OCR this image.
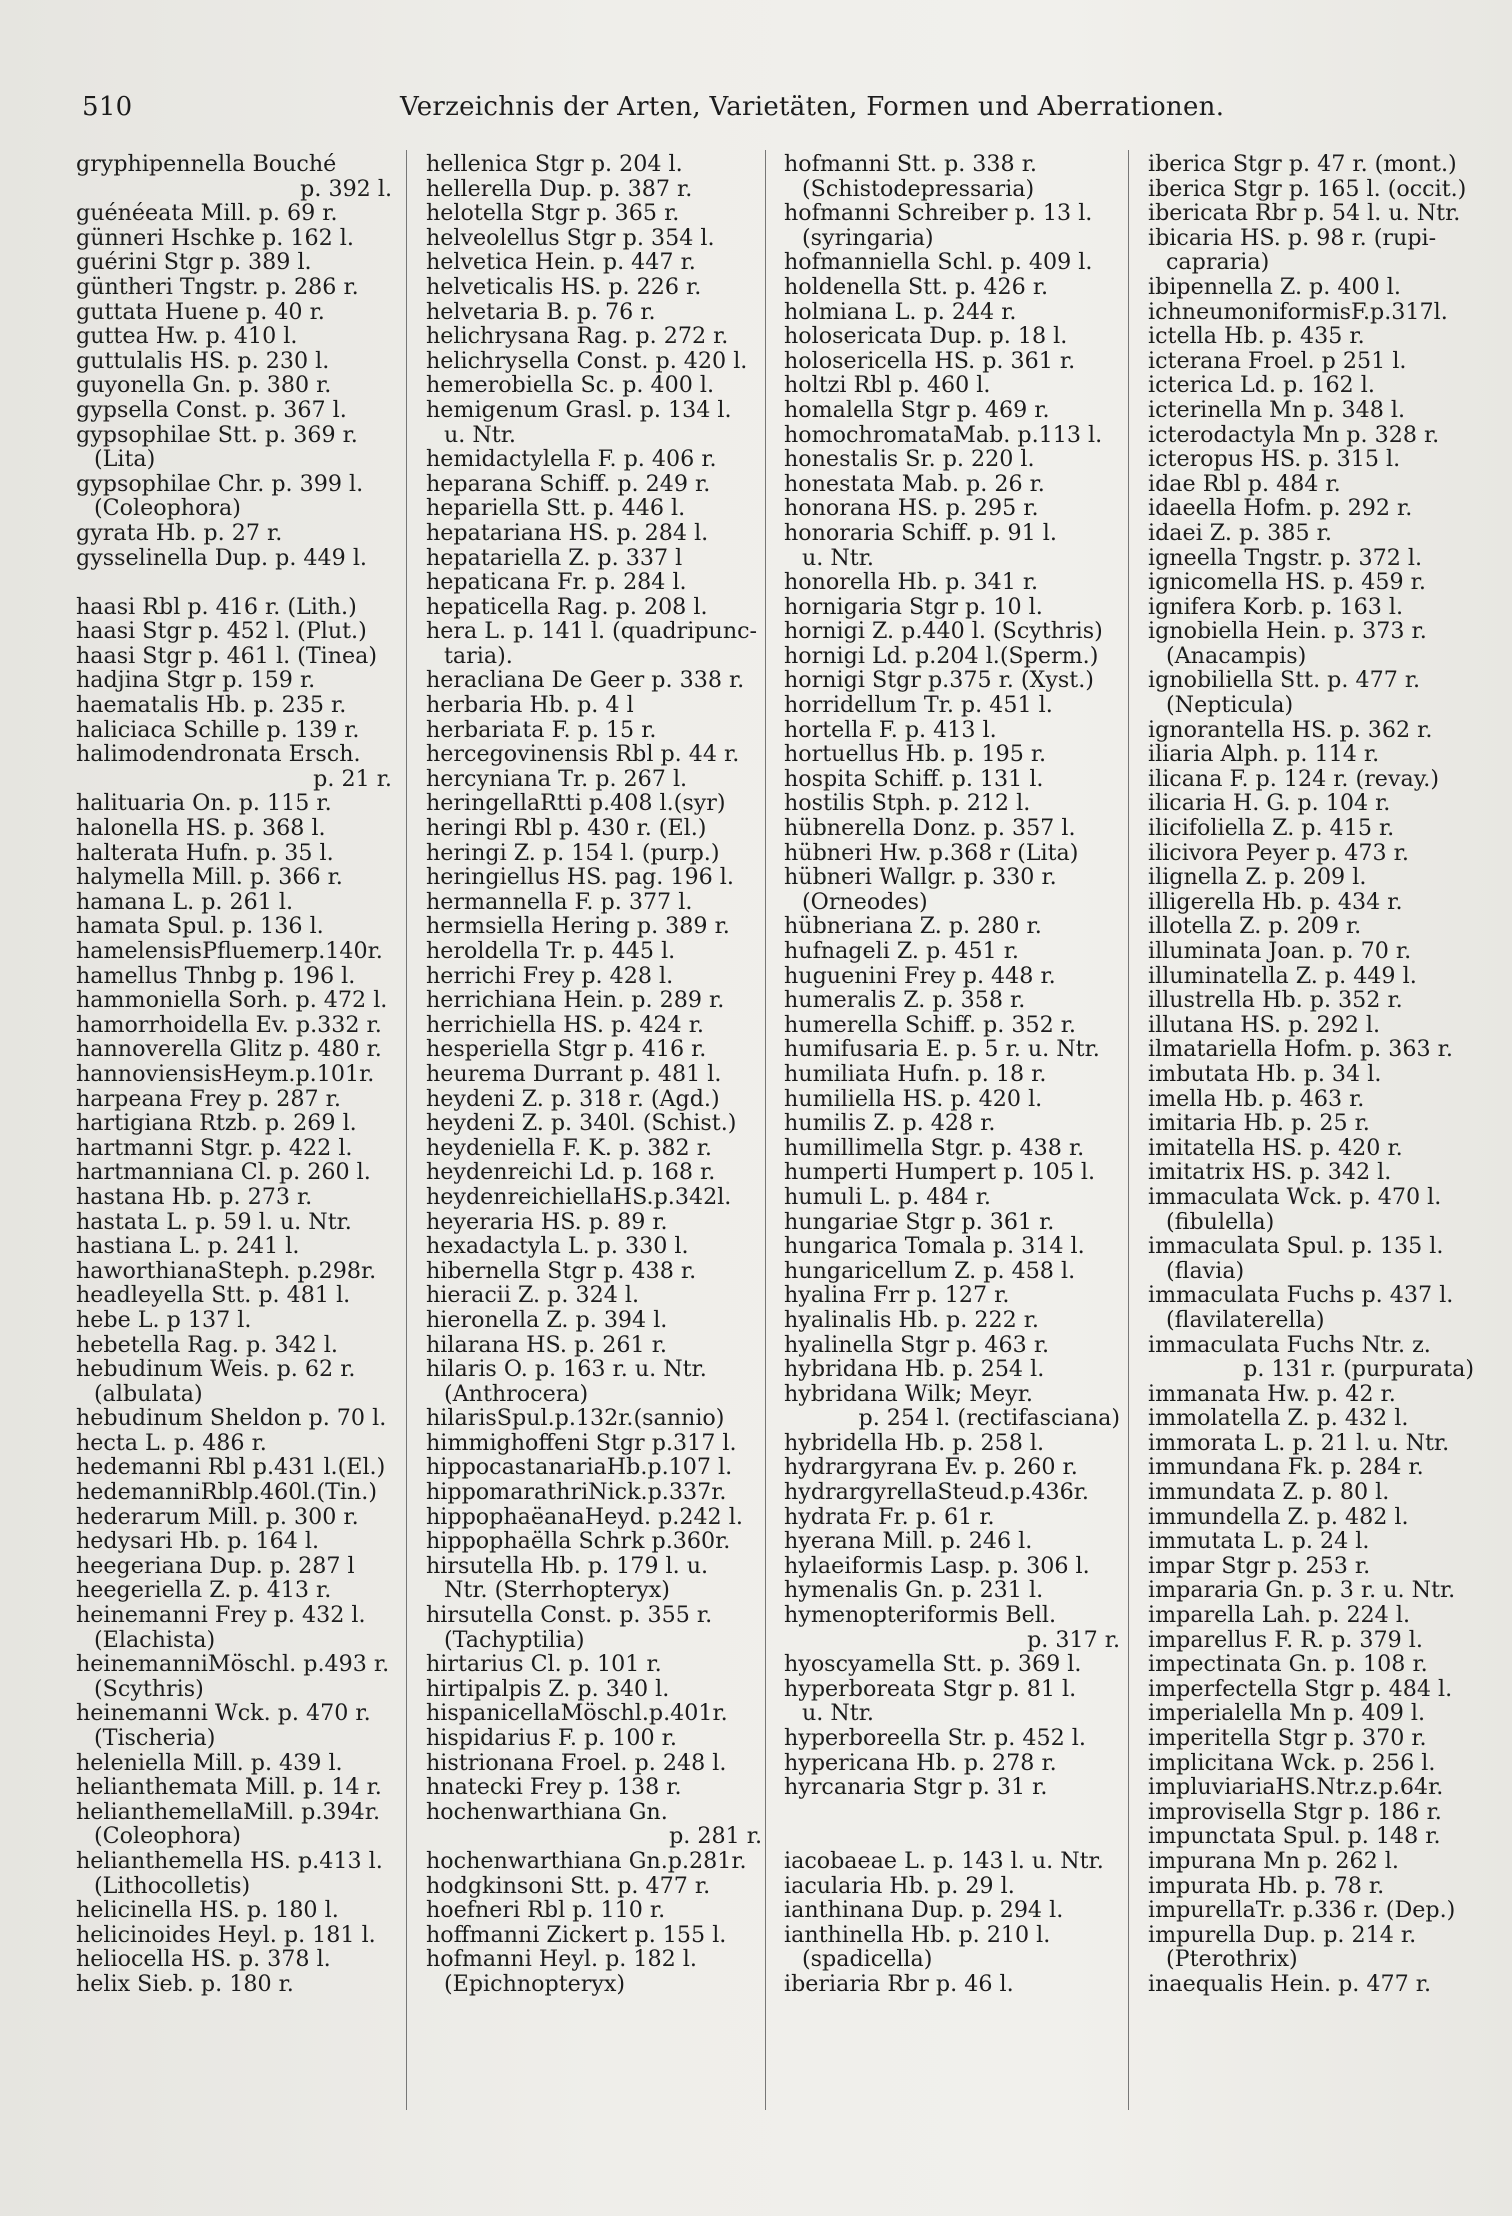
510	Verzeichnis der Arten, Varietäten, Formen und Aberrationen.
gryphipennella Bouché
p. 392 l.
guénéeata Mill. p. 69 r.
günneri Hschke p. 162 l.
guérini Stgr p. 389 l.
güntheri Tngstr. p. 286 r.
guttata Huene p. 40 r.
guttea Hw. p. 410 l.
guttulalis HS. p. 230 l.
guyonella Gn. p. 380 r.
gypsella Const. p. 367 l.
gypsophilae Stt. p. 369 r.
(Lita)
gypsophilae Chr. p. 399 l.
(Coleophora)
gyrata Hb. p. 27 r.
gysselinella Dup. p. 449 l.
haasi Rbl p. 416 r. (Lith.)
haasi Stgr p. 452 l. (Plut.)
haasi Stgr p. 461 l. (Tinea)
hadjina Stgr p. 159 r.
haematalis Hb. p. 235 r.
haliciaca Schille p. 139 r.
halimodendronata Ersch.
p. 21 r.
halituaria On. p. 115 r.
halonella HS. p. 368 l.
halterata Hufn. p. 35 l.
halymella Mill. p. 366 r.
hamana L. p. 261 l.
hamata Spul. p. 136 l.
hamelensisPfluemerp.140r.
hamellus Thnbg p. 196 l.
hammoniella Sorh. p. 472 l.
hamorrhoidella Ev. p.332 r.
hannoverella Glitz p. 480 r.
hannoviensisHeym.p.101r.
harpeana Frey p. 287 r.
hartigiana Rtzb. p. 269 l.
hartmanni Stgr. p. 422 l.
hartmanniana Cl. p. 260 l.
hastana Hb. p. 273 r.
hastata L. p. 59 l. u. Ntr.
hastiana L. p. 241 l.
haworthianaSteph. p.298r.
headleyella Stt. p. 481 l.
hebe L. p 137 l.
hebetella Rag. p. 342 l.
hebudinum Weis. p. 62 r.
(albulata)
hebudinum Sheldon p. 70 l.
hecta L. p. 486 r.
hedemanni Rbl p.431 l.(El.)
hedemanniRblp.460l.(Tin.)
hederarum Mill. p. 300 r.
hedysari Hb. p. 164 l.
heegeriana Dup. p. 287 l
heegeriella Z. p. 413 r.
heinemanni Frey p. 432 l.
(Elachista)
heinemanniMöschl. p.493 r.
(Scythris)
heinemanni Wck. p. 470 r.
(Tischeria)
heleniella Mill. p. 439 l.
helianthemata Mill. p. 14 r.
helianthemellaMill. p.394r.
(Coleophora)
helianthemella HS. p.413 l.
(Lithocolletis)
helicinella HS. p. 180 l.
helicinoides Heyl. p. 181 l.
heliocella HS. p. 378 l.
helix Sieb. p. 180 r.
hellenica Stgr p. 204 l.
hellerella Dup. p. 387 r.
helotella Stgr p. 365 r.
helveolellus Stgr p. 354 l.
helvetica Hein. p. 447 r.
helveticalis HS. p. 226 r.
helvetaria B. p. 76 r.
helichrysana Rag. p. 272 r.
helichrysella Const. p. 420 l.
hemerobiella Sc. p. 400 l.
hemigenum Grasl. p. 134 l.
u. Ntr.
hemidactylella F. p. 406 r.
heparana Schiff. p. 249 r.
hepariella Stt. p. 446 l.
hepatariana HS. p. 284 l.
hepatariella Z. p. 337 l
hepaticana Fr. p. 284 l.
hepaticella Rag. p. 208 l.
hera L. p. 141 l. (quadripunc-
taria).
heracliana De Geer p. 338 r.
herbaria Hb. p. 4 l
herbariata F. p. 15 r.
hercegovinensis Rbl p. 44 r.
hercyniana Tr. p. 267 l.
heringellaRtti p.408 l.(syr)
heringi Rbl p. 430 r. (El.)
heringi Z. p. 154 l. (purp.)
heringiellus HS. pag. 196 l.
hermannella F. p. 377 l.
hermsiella Hering p. 389 r.
heroldella Tr. p. 445 l.
herrichi Frey p. 428 l.
herrichiana Hein. p. 289 r.
herrichiella HS. p. 424 r.
hesperiella Stgr p. 416 r.
heurema Durrant p. 481 l.
heydeni Z. p. 318 r. (Agd.)
heydeni Z. p. 340l. (Schist.)
heydeniella F. K. p. 382 r.
heydenreichi Ld. p. 168 r.
heydenreichiellaHS.p.342l.
heyeraria HS. p. 89 r.
hexadactyla L. p. 330 l.
hibernella Stgr p. 438 r.
hieracii Z. p. 324 l.
hieronella Z. p. 394 l.
hilarana HS. p. 261 r.
hilaris O. p. 163 r. u. Ntr.
(Anthrocera)
hilarisSpul.p.132r.(sannio)
himmighoffeni Stgr p.317 l.
hippocastanariaHb.p.107 l.
hippomarathriNick.p.337r.
hippophaëanaHeyd. p.242 l.
hippophaëlla Schrk p.360r.
hirsutella Hb. p. 179 l. u.
Ntr. (Sterrhopteryx)
hirsutella Const. p. 355 r.
(Tachyptilia)
hirtarius Cl. p. 101 r.
hirtipalpis Z. p. 340 l.
hispanicellaMöschl.p.401r.
hispidarius F. p. 100 r.
histrionana Froel. p. 248 l.
hnatecki Frey p. 138 r.
hochenwarthiana Gn.
p. 281 r.
hochenwarthiana Gn.p.281r.
hodgkinsoni Stt. p. 477 r.
hoefneri Rbl p. 110 r.
hoffmanni Zickert p. 155 l.
hofmanni Heyl. p. 182 l.
(Epichnopteryx)
hofmanni Stt. p. 338 r.
(Schistodepressaria)
hofmanni Schreiber p. 13 l.
(syringaria)
hofmanniella Schl. p. 409 l.
holdenella Stt. p. 426 r.
holmiana L. p. 244 r.
holosericata Dup. p. 18 l.
holosericella HS. p. 361 r.
holtzi Rbl p. 460 l.
homalella Stgr p. 469 r.
homochromataMab. p.113 l.
honestalis Sr. p. 220 l.
honestata Mab. p. 26 r.
honorana HS. p. 295 r.
honoraria Schiff. p. 91 l.
u. Ntr.
honorella Hb. p. 341 r.
hornigaria Stgr p. 10 l.
hornigi Z. p.440 l. (Scythris)
hornigi Ld. p.204 l.(Sperm.)
hornigi Stgr p.375 r. (Xyst.)
horridellum Tr. p. 451 l.
hortella F. p. 413 l.
hortuellus Hb. p. 195 r.
hospita Schiff. p. 131 l.
hostilis Stph. p. 212 l.
hübnerella Donz. p. 357 l.
hübneri Hw. p.368 r (Lita)
hübneri Wallgr. p. 330 r.
(Orneodes)
hübneriana Z. p. 280 r.
hufnageli Z. p. 451 r.
huguenini Frey p. 448 r.
humeralis Z. p. 358 r.
humerella Schiff. p. 352 r.
humifusaria E. p. 5 r. u. Ntr.
humiliata Hufn. p. 18 r.
humiliella HS. p. 420 l.
humilis Z. p. 428 r.
humillimella Stgr. p. 438 r.
humperti Humpert p. 105 l.
humuli L. p. 484 r.
hungariae Stgr p. 361 r.
hungarica Tomala p. 314 l.
hungaricellum Z. p. 458 l.
hyalina Frr p. 127 r.
hyalinalis Hb. p. 222 r.
hyalinella Stgr p. 463 r.
hybridana Hb. p. 254 l.
hybridana Wilk; Meyr.
p. 254 l. (rectifasciana)
hybridella Hb. p. 258 l.
hydrargyrana Ev. p. 260 r.
hydrargyrellaSteud.p.436r.
hydrata Fr. p. 61 r.
hyerana Mill. p. 246 l.
hylaeiformis Lasp. p. 306 l.
hymenalis Gn. p. 231 l.
hymenopteriformis Bell.
p. 317 r.
hyoscyamella Stt. p. 369 l.
hyperboreata Stgr p. 81 l.
u. Ntr.
hyperboreella Str. p. 452 l.
hypericana Hb. p. 278 r.
hyrcanaria Stgr p. 31 r.
iacobaeae L. p. 143 l. u. Ntr.
iacularia Hb. p. 29 l.
ianthinana Dup. p. 294 l.
ianthinella Hb. p. 210 l.
(spadicella)
iberiaria Rbr p. 46 l.
iberica Stgr p. 47 r. (mont.)
iberica Stgr p. 165 l. (occit.)
ibericata Rbr p. 54 l. u. Ntr.
ibicaria HS. p. 98 r. (rupi-
capraria)
ibipennella Z. p. 400 l.
ichneumoniformisF.p.317l.
ictella Hb. p. 435 r.
icterana Froel. p 251 l.
icterica Ld. p. 162 l.
icterinella Mn p. 348 l.
icterodactyla Mn p. 328 r.
icteropus HS. p. 315 l.
idae Rbl p. 484 r.
idaeella Hofm. p. 292 r.
idaei Z. p. 385 r.
igneella Tngstr. p. 372 l.
ignicomella HS. p. 459 r.
ignifera Korb. p. 163 l.
ignobiella Hein. p. 373 r.
(Anacampis)
ignobiliella Stt. p. 477 r.
(Nepticula)
ignorantella HS. p. 362 r.
iliaria Alph. p. 114 r.
ilicana F. p. 124 r. (revay.)
ilicaria H. G. p. 104 r.
ilicifoliella Z. p. 415 r.
ilicivora Peyer p. 473 r.
ilignella Z. p. 209 l.
illigerella Hb. p. 434 r.
illotella Z. p. 209 r.
illuminata Joan. p. 70 r.
illuminatella Z. p. 449 l.
illustrella Hb. p. 352 r.
illutana HS. p. 292 l.
ilmatariella Hofm. p. 363 r.
imbutata Hb. p. 34 l.
imella Hb. p. 463 r.
imitaria Hb. p. 25 r.
imitatella HS. p. 420 r.
imitatrix HS. p. 342 l.
immaculata Wck. p. 470 l.
(fibulella)
immaculata Spul. p. 135 l.
(flavia)
immaculata Fuchs p. 437 l.
(flavilaterella)
immaculata Fuchs Ntr. z.
p. 131 r. (purpurata)
immanata Hw. p. 42 r.
immolatella Z. p. 432 l.
immorata L. p. 21 l. u. Ntr.
immundana Fk. p. 284 r.
immundata Z. p. 80 l.
immundella Z. p. 482 l.
immutata L. p. 24 l.
impar Stgr p. 253 r.
impararia Gn. p. 3 r. u. Ntr.
imparella Lah. p. 224 l.
imparellus F. R. p. 379 l.
impectinata Gn. p. 108 r.
imperfectella Stgr p. 484 l.
imperialella Mn p. 409 l.
imperitella Stgr p. 370 r.
implicitana Wck. p. 256 l.
impluviariaHS.Ntr.z.p.64r.
improvisella Stgr p. 186 r.
impunctata Spul. p. 148 r.
impurana Mn p. 262 l.
impurata Hb. p. 78 r.
impurellaTr. p.336 r. (Dep.)
impurella Dup. p. 214 r.
(Pterothrix)
inaequalis Hein. p. 477 r.
